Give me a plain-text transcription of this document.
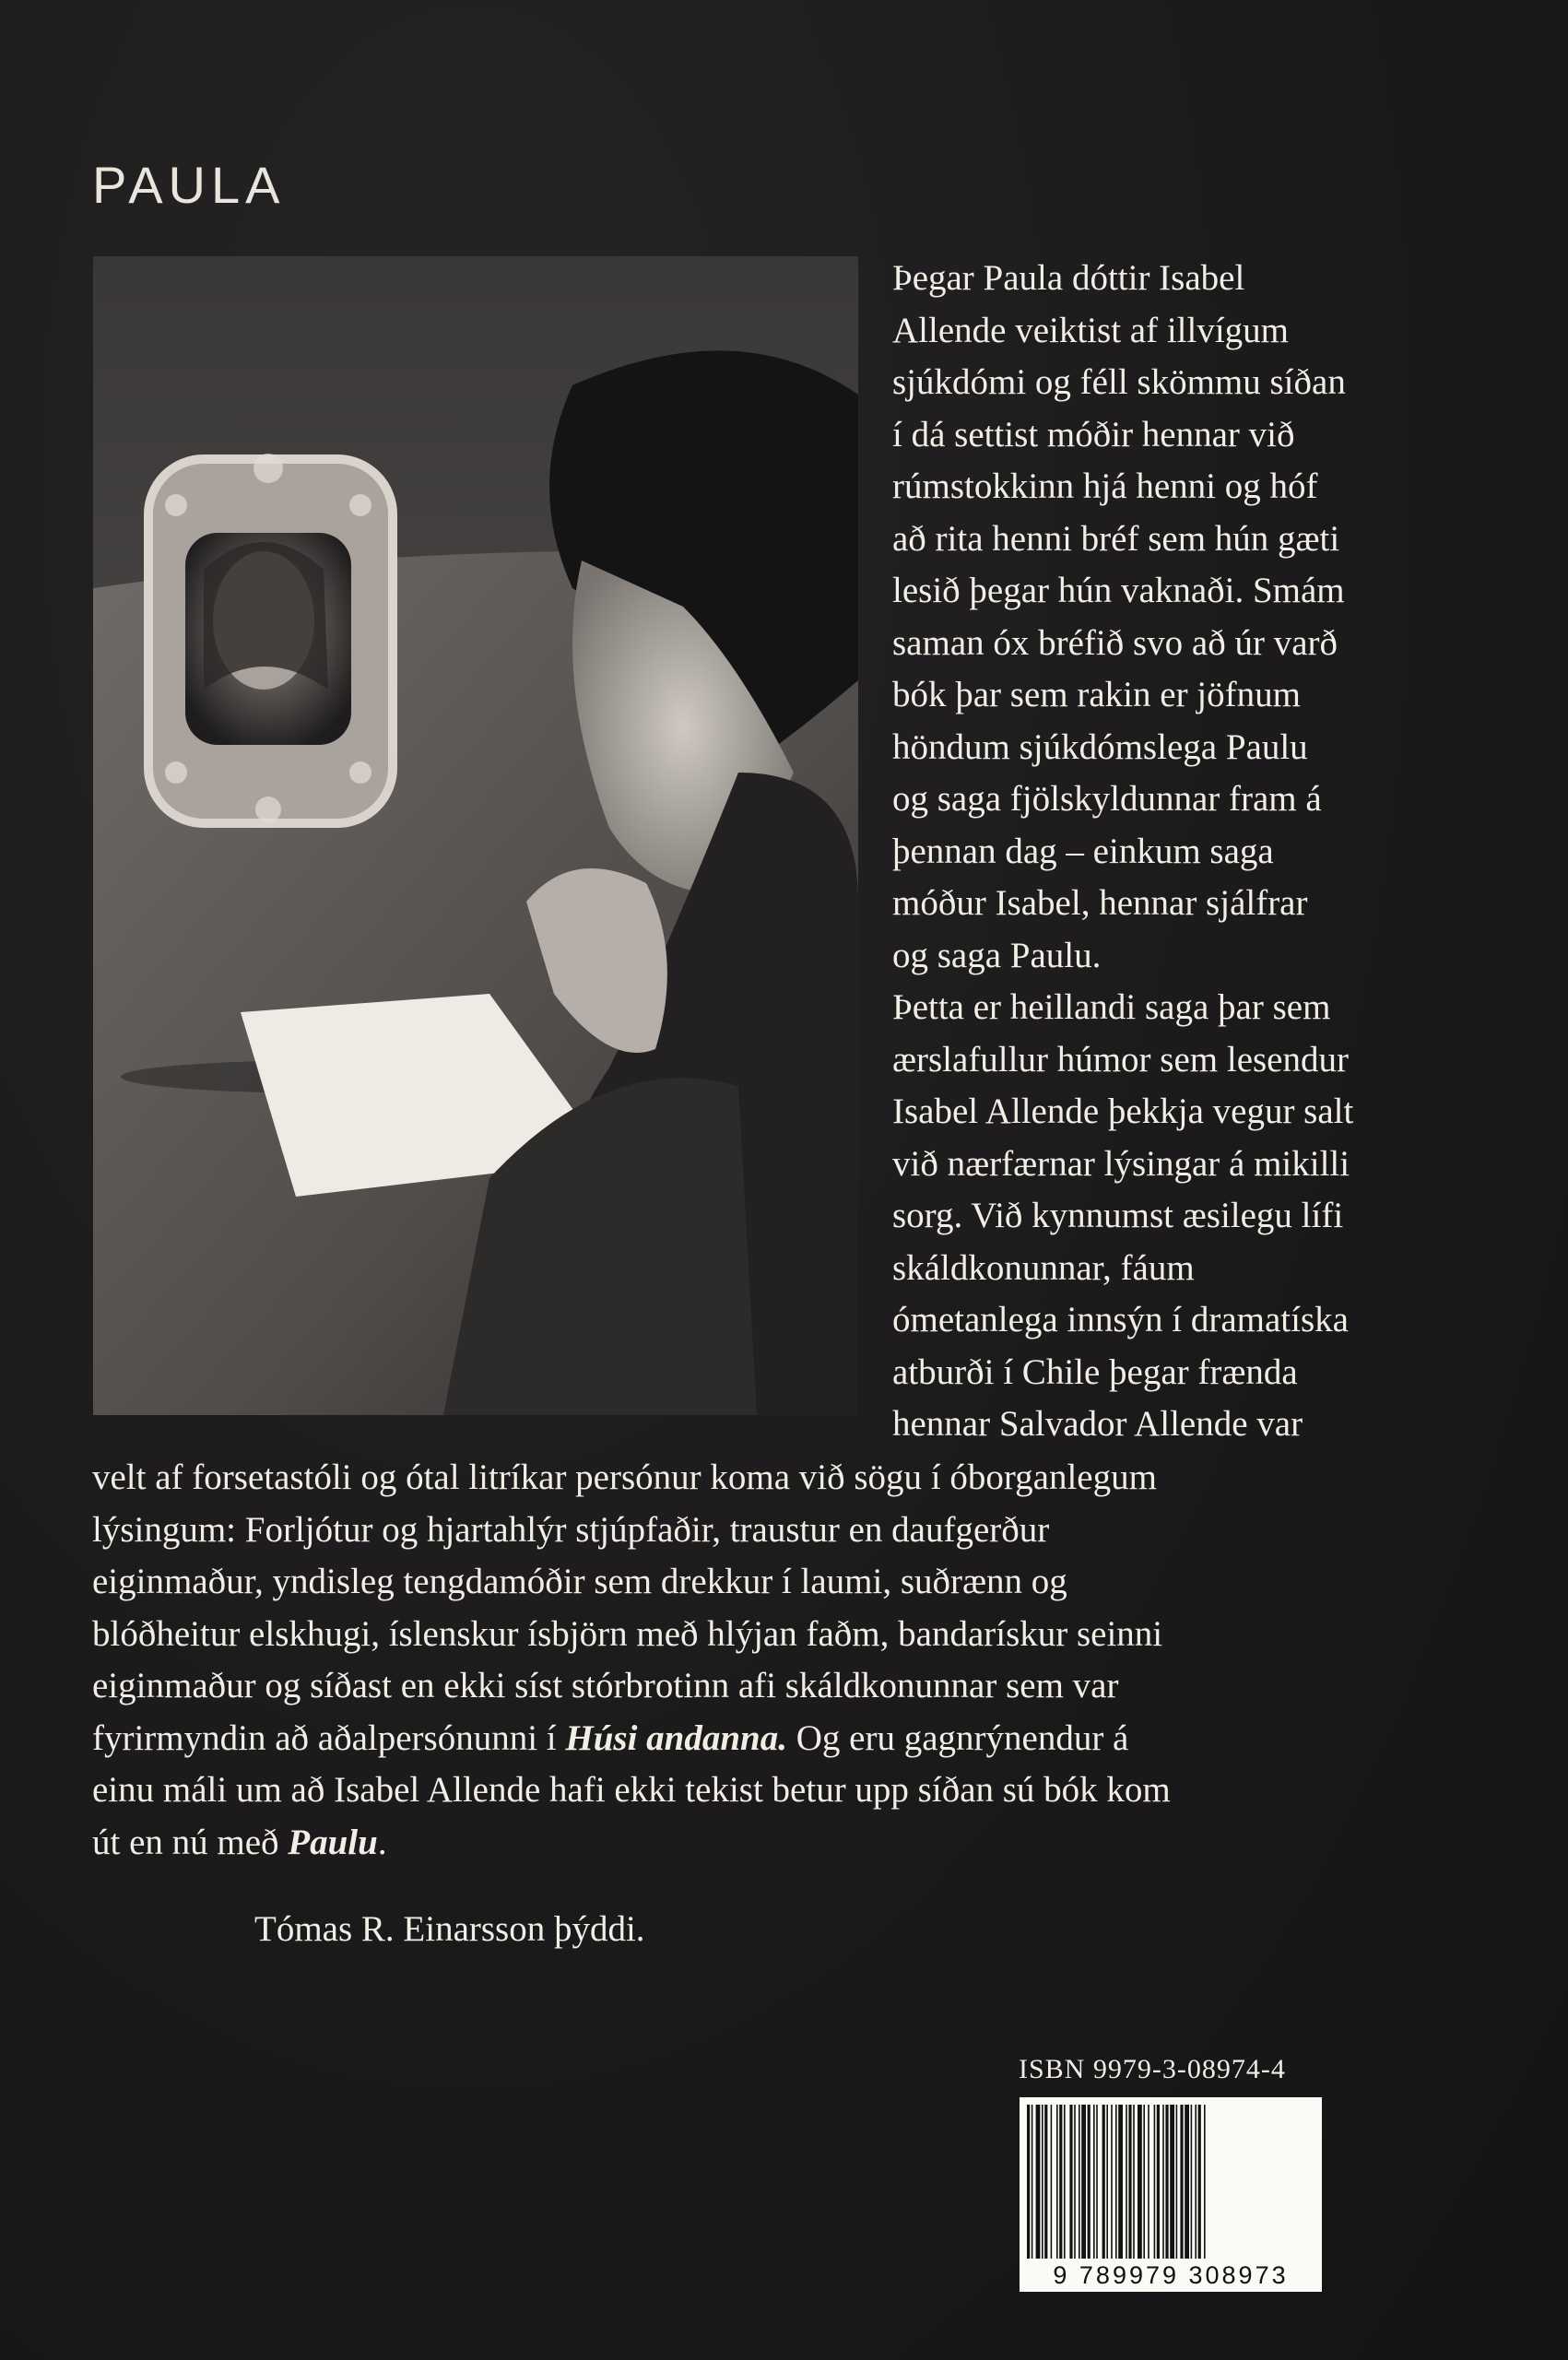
PAULA
Þegar Paula dóttir Isabel
Allende veiktist af illvígum
sjúkdómi og féll skömmu síðan
í dá settist móðir hennar við
rúmstokkinn hjá henni og hóf
að rita henni bréf sem hún gæti
lesið þegar hún vaknaði. Smám
saman óx bréfið svo að úr varð
bók þar sem rakin er jöfnum
höndum sjúkdómslega Paulu
og saga fjölskyldunnar fram á
þennan dag – einkum saga
móður Isabel, hennar sjálfrar
og saga Paulu.
Þetta er heillandi saga þar sem
ærslafullur húmor sem lesendur
Isabel Allende þekkja vegur salt
við nærfærnar lýsingar á mikilli
sorg. Við kynnumst æsilegu lífi
skáldkonunnar, fáum
ómetanlega innsýn í dramatíska
atburði í Chile þegar frænda
hennar Salvador Allende var
velt af forsetastóli og ótal litríkar persónur koma við sögu í óborganlegum
lýsingum: Forljótur og hjartahlýr stjúpfaðir, traustur en daufgerður
eiginmaður, yndisleg tengdamóðir sem drekkur í laumi, suðrænn og
blóðheitur elskhugi, íslenskur ísbjörn með hlýjan faðm, bandarískur seinni
eiginmaður og síðast en ekki síst stórbrotinn afi skáldkonunnar sem var
fyrirmyndin að aðalpersónunni í Húsi andanna. Og eru gagnrýnendur á
einu máli um að Isabel Allende hafi ekki tekist betur upp síðan sú bók kom
út en nú með Paulu.
Tómas R. Einarsson þýddi.
ISBN 9979-3-08974-4
9 789979 308973
